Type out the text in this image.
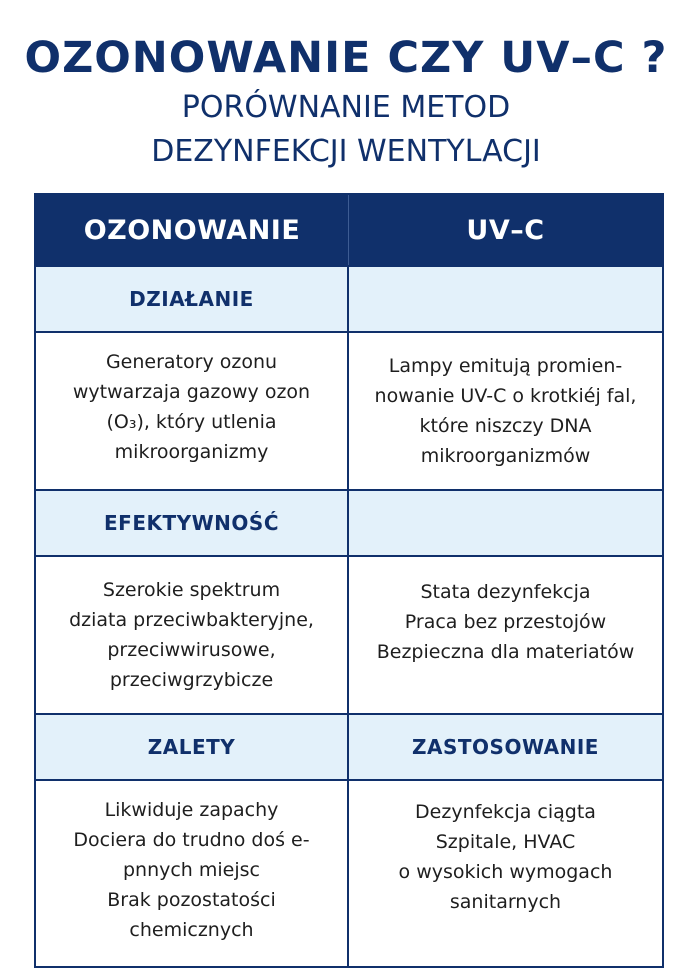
OZONOWANIE CZY UV–C ?
PORÓWNANIE METOD
DEZYNFEKCJI WENTYLACJI
OZONOWANIE	UV–C
DZIAŁANIE
Generatory ozonu
wytwarzaja gazowy ozon
(O₃), który utlenia
mikroorganizmy
Lampy emitują promien-
nowanie UV-C o krotkiéj fal,
które niszczy DNA
mikroorganizmów
EFEKTYWNOŚĆ
Szerokie spektrum
dziata przeciwbakteryjne,
przeciwwirusowe,
przeciwgrzybicze
Stata dezynfekcja
Praca bez przestojów
Bezpieczna dla materiatów
ZALETY	ZASTOSOWANIE
Likwiduje zapachy
Dociera do trudno doś e-
pnnych miejsc
Brak pozostatości
chemicznych
Dezynfekcja ciągta
Szpitale, HVAC
o wysokich wymogach
sanitarnych
